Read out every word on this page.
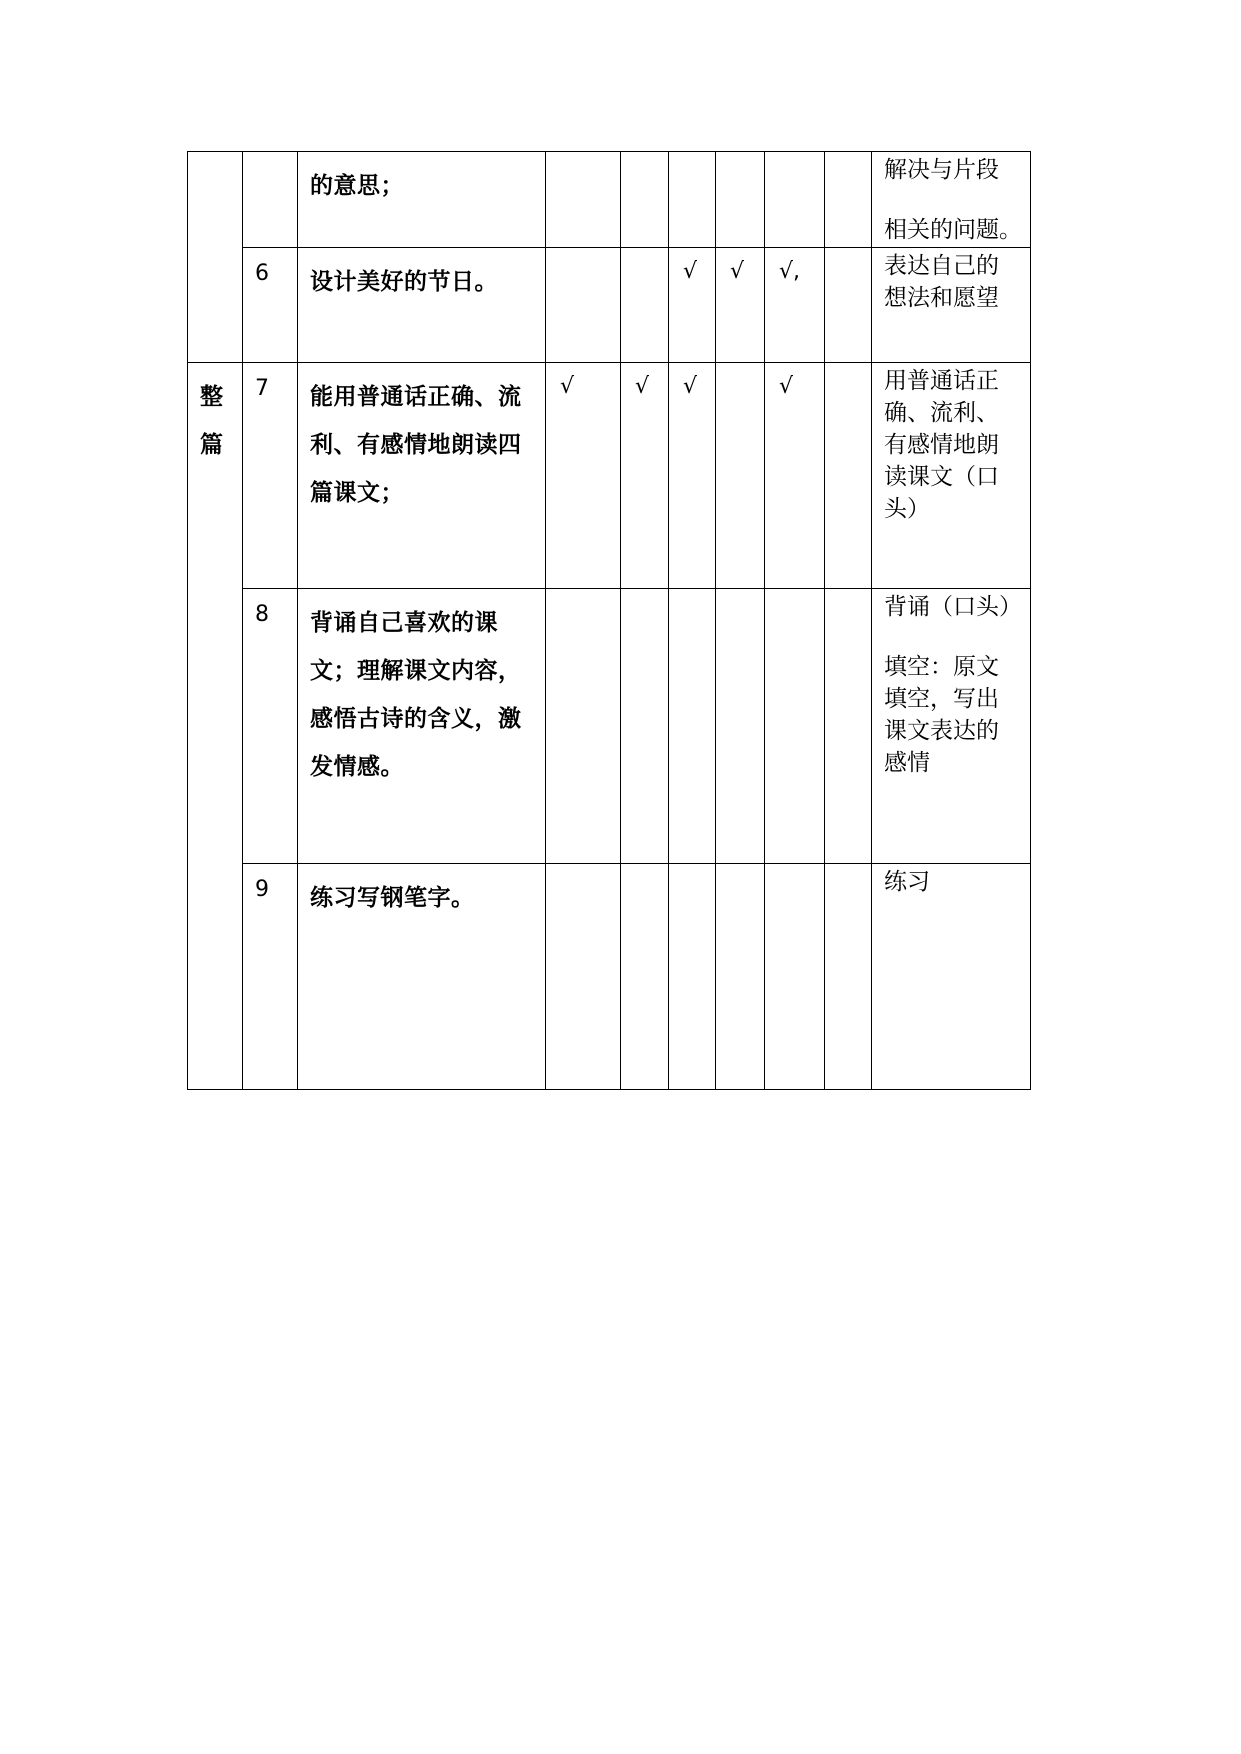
		的意思；							解决与片段
相关的问题。

	6	设计美好的节日。			√	√	√,		表达自己的
想法和愿望

整篇	7	能用普通话正确、流利、有感情地朗读四篇课文；	√	√	√		√		用普通话正
确、流利、
有感情地朗
读课文（口
头）

	8	背诵自己喜欢的课文；理解课文内容，感悟古诗的含义，激发情感。							背诵（口头）
填空：原文
填空，写出
课文表达的
感情

	9	练习写钢笔字。							练习
